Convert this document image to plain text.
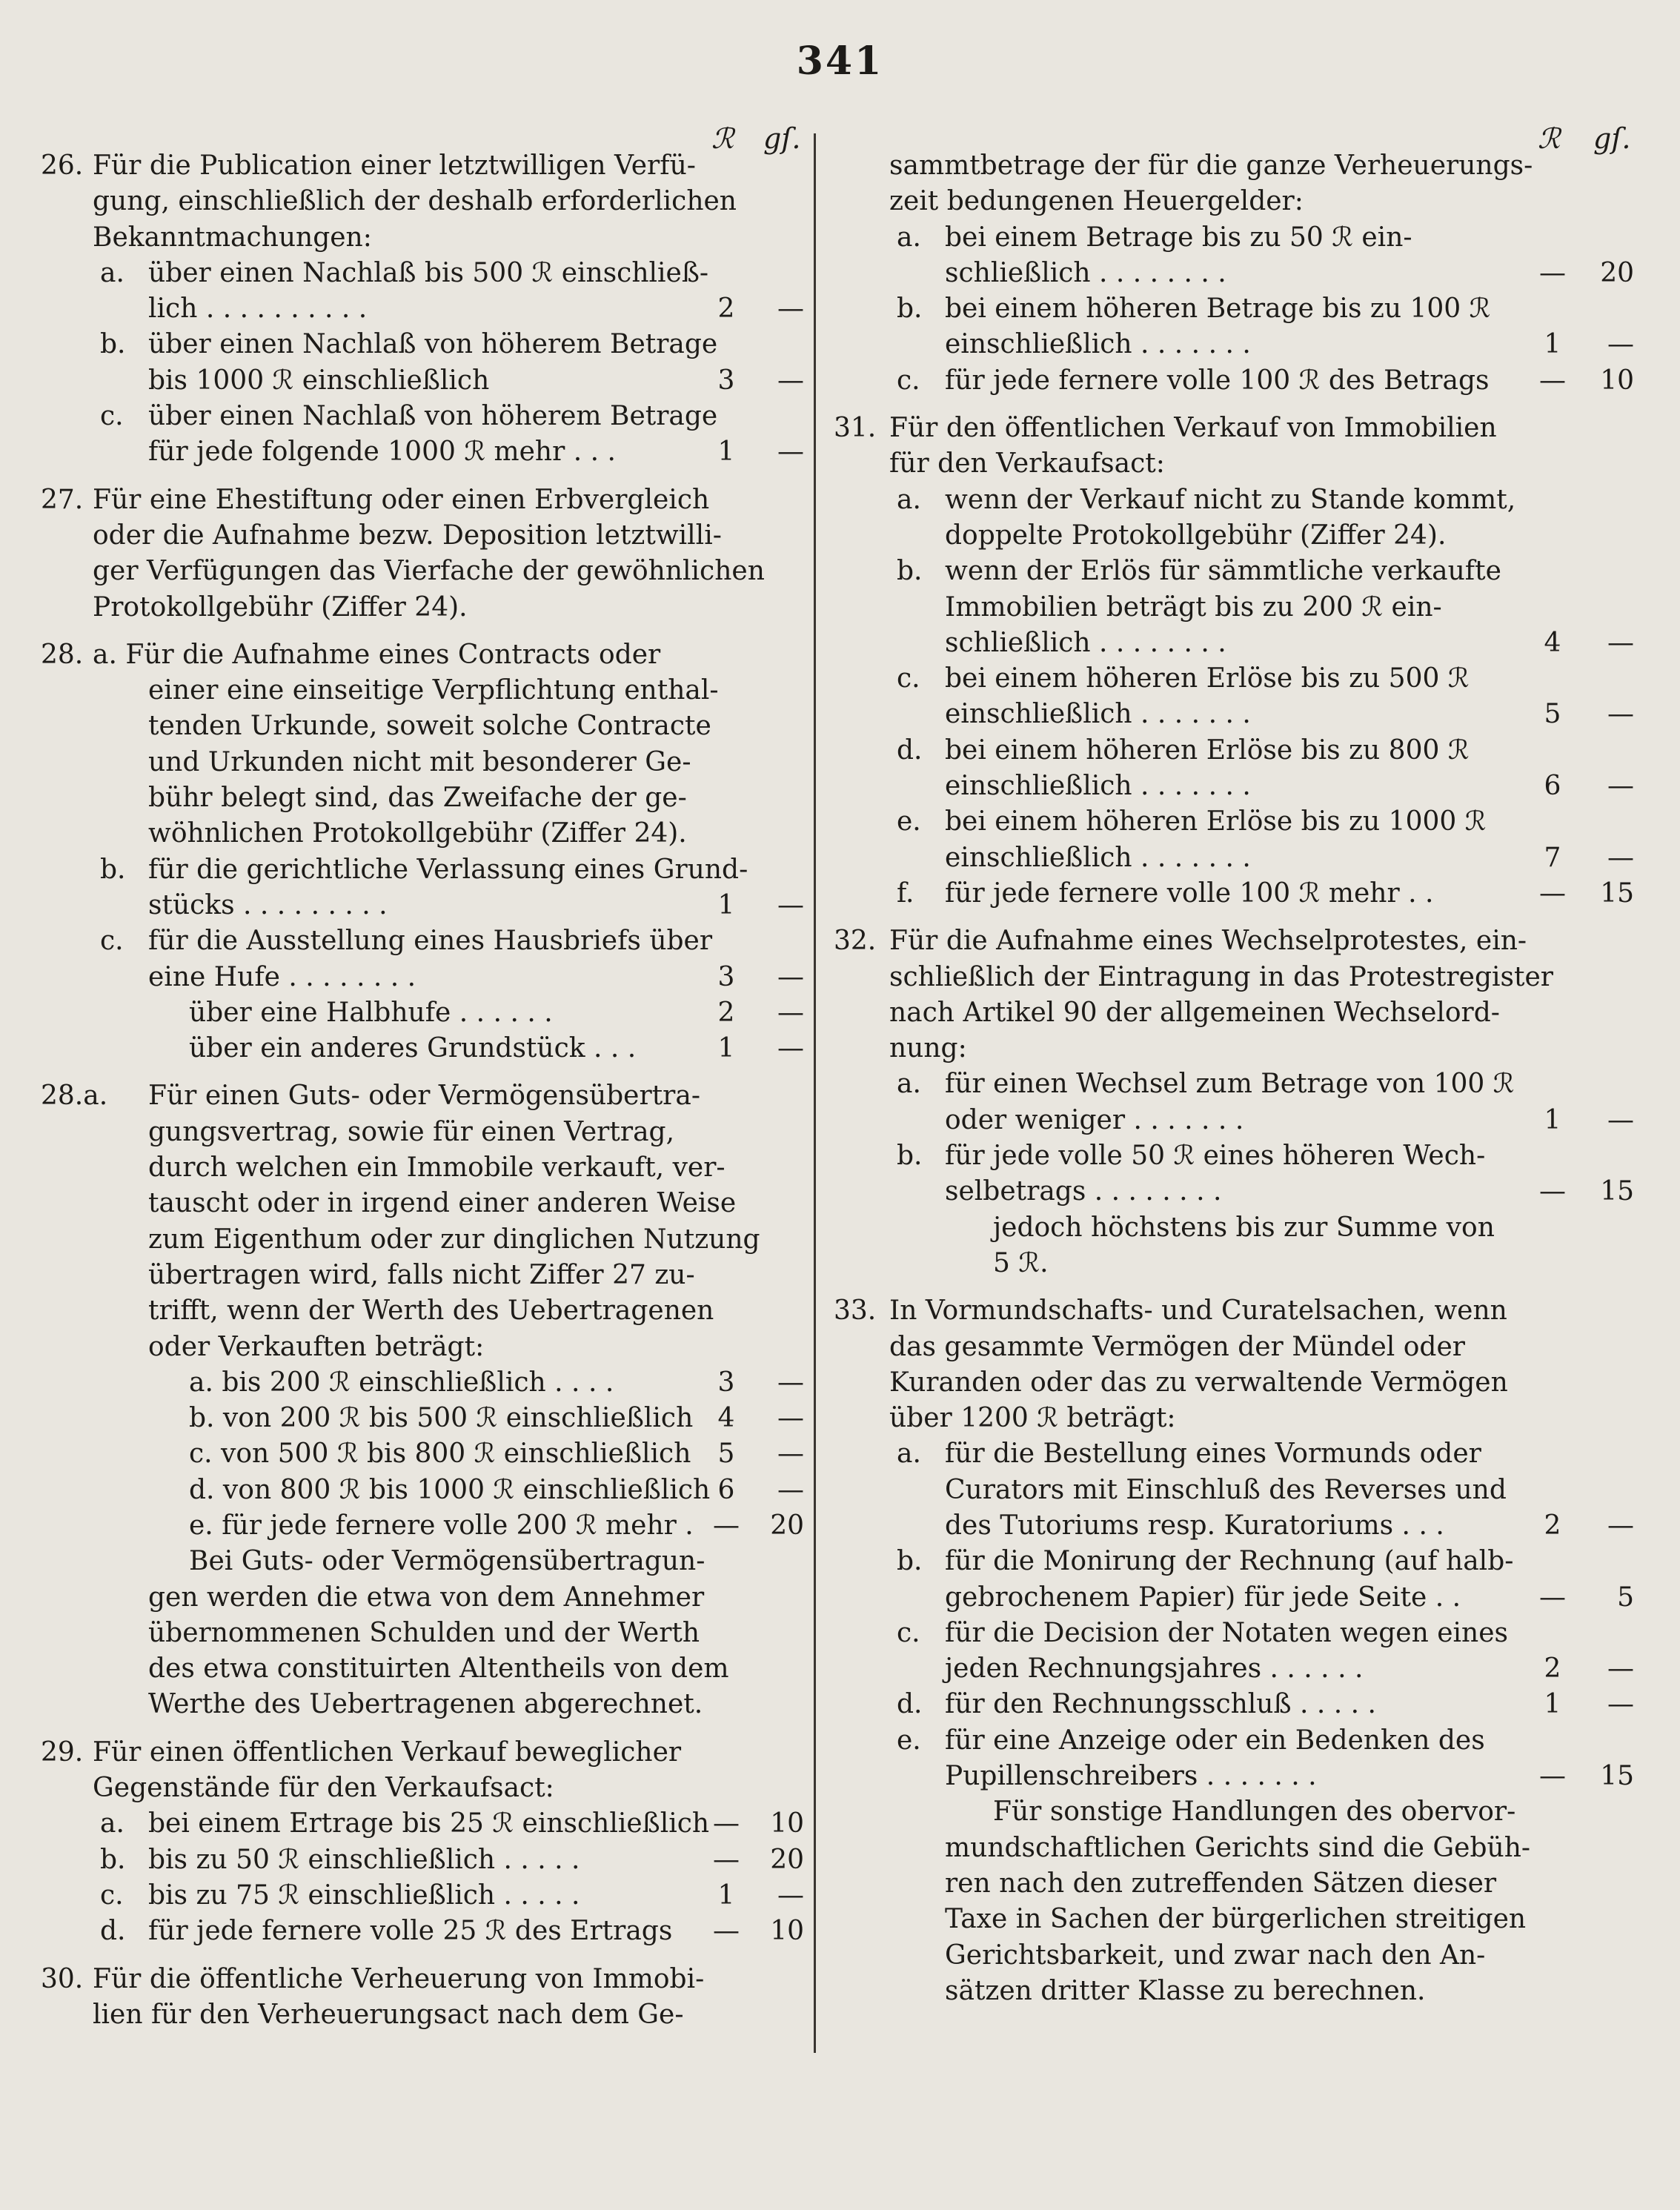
341
ℛ gſ.	ℛ gſ.
26. Für die Publication einer letztwilligen Verfü-
gung, einschließlich der deshalb erforderlichen
Bekanntmachungen:
a. über einen Nachlaß bis 500 ℛ einschließ-
lich . . . . . . . . . .	2	—
b. über einen Nachlaß von höherem Betrage
bis 1000 ℛ einschließlich	3	—
c. über einen Nachlaß von höherem Betrage
für jede folgende 1000 ℛ mehr . . .	1	—
27. Für eine Ehestiftung oder einen Erbvergleich
oder die Aufnahme bezw. Deposition letztwilli-
ger Verfügungen das Vierfache der gewöhnlichen
Protokollgebühr (Ziffer 24).
28. a. Für die Aufnahme eines Contracts oder
einer eine einseitige Verpflichtung enthal-
tenden Urkunde, soweit solche Contracte
und Urkunden nicht mit besonderer Ge-
bühr belegt sind, das Zweifache der ge-
wöhnlichen Protokollgebühr (Ziffer 24).
b. für die gerichtliche Verlassung eines Grund-
stücks . . . . . . . . .	1	—
c. für die Ausstellung eines Hausbriefs über
eine Hufe . . . . . . . .	3	—
über eine Halbhufe . . . . . .	2	—
über ein anderes Grundstück . . .	1	—
28.a. Für einen Guts- oder Vermögensübertra-
gungsvertrag, sowie für einen Vertrag,
durch welchen ein Immobile verkauft, ver-
tauscht oder in irgend einer anderen Weise
zum Eigenthum oder zur dinglichen Nutzung
übertragen wird, falls nicht Ziffer 27 zu-
trifft, wenn der Werth des Uebertragenen
oder Verkauften beträgt:
a. bis 200 ℛ einschließlich . . . .	3	—
b. von 200 ℛ bis 500 ℛ einschließlich 4	—
c. von 500 ℛ bis 800 ℛ einschließlich 5	—
d. von 800 ℛ bis 1000 ℛ einschließlich 6	—
e. für jede fernere volle 200 ℛ mehr . —	20
Bei Guts- oder Vermögensübertragun-
gen werden die etwa von dem Annehmer
übernommenen Schulden und der Werth
des etwa constituirten Altentheils von dem
Werthe des Uebertragenen abgerechnet.
29. Für einen öffentlichen Verkauf beweglicher
Gegenstände für den Verkaufsact:
a. bei einem Ertrage bis 25 ℛ einschließlich —	10
b. bis zu 50 ℛ einschließlich . . . . .	—	20
c. bis zu 75 ℛ einschließlich . . . . .	1	—
d. für jede fernere volle 25 ℛ des Ertrags	—	10
30. Für die öffentliche Verheuerung von Immobi-
lien für den Verheuerungsact nach dem Ge-
sammtbetrage der für die ganze Verheuerungs-
zeit bedungenen Heuergelder:
a. bei einem Betrage bis zu 50 ℛ ein-
schließlich . . . . . . . .	—	20
b. bei einem höheren Betrage bis zu 100 ℛ
einschließlich . . . . . . .	1	—
c. für jede fernere volle 100 ℛ des Betrags	—	10
31. Für den öffentlichen Verkauf von Immobilien
für den Verkaufsact:
a. wenn der Verkauf nicht zu Stande kommt,
doppelte Protokollgebühr (Ziffer 24).
b. wenn der Erlös für sämmtliche verkaufte
Immobilien beträgt bis zu 200 ℛ ein-
schließlich . . . . . . . .	4	—
c. bei einem höheren Erlöse bis zu 500 ℛ
einschließlich . . . . . . .	5	—
d. bei einem höheren Erlöse bis zu 800 ℛ
einschließlich . . . . . . .	6	—
e. bei einem höheren Erlöse bis zu 1000 ℛ
einschließlich . . . . . . .	7	—
f. für jede fernere volle 100 ℛ mehr . .	—	15
32. Für die Aufnahme eines Wechselprotestes, ein-
schließlich der Eintragung in das Protestregister
nach Artikel 90 der allgemeinen Wechselord-
nung:
a. für einen Wechsel zum Betrage von 100 ℛ
oder weniger . . . . . . .	1	—
b. für jede volle 50 ℛ eines höheren Wech-
selbetrags . . . . . . . .	—	15
jedoch höchstens bis zur Summe von
5 ℛ.
33. In Vormundschafts- und Curatelsachen, wenn
das gesammte Vermögen der Mündel oder
Kuranden oder das zu verwaltende Vermögen
über 1200 ℛ beträgt:
a. für die Bestellung eines Vormunds oder
Curators mit Einschluß des Reverses und
des Tutoriums resp. Kuratoriums . . .	2	—
b. für die Monirung der Rechnung (auf halb-
gebrochenem Papier) für jede Seite . .	—	5
c. für die Decision der Notaten wegen eines
jeden Rechnungsjahres . . . . . .	2	—
d. für den Rechnungsschluß . . . . .	1	—
e. für eine Anzeige oder ein Bedenken des
Pupillenschreibers . . . . . . .	—	15
Für sonstige Handlungen des obervor-
mundschaftlichen Gerichts sind die Gebüh-
ren nach den zutreffenden Sätzen dieser
Taxe in Sachen der bürgerlichen streitigen
Gerichtsbarkeit, und zwar nach den An-
sätzen dritter Klasse zu berechnen.
